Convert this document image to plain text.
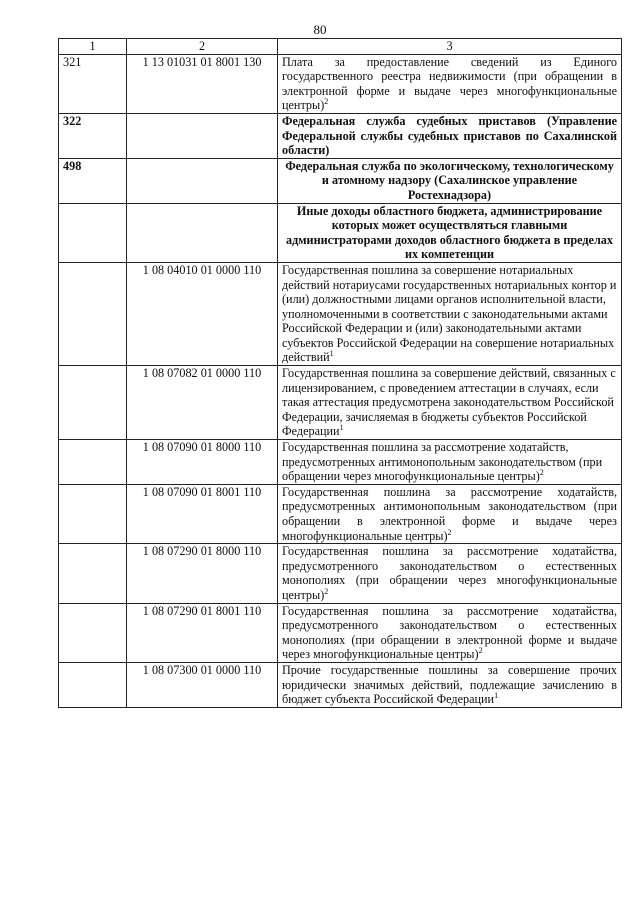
80
1	2	3
321	1 13 01031 01 8001 130	Плата за предоставление сведений из Единого государственного реестра недвижимости (при обращении в электронной форме и выдаче через многофункциональные центры)$^2$
322		Федеральная служба судебных приставов (Управление Федеральной службы судебных приставов по Сахалинской области)
498		Федеральная служба по экологическому, технологическому и атомному надзору (Сахалинское управление Ростехнадзора)
		Иные доходы областного бюджета, администрирование которых может осуществляться главными администраторами доходов областного бюджета в пределах их компетенции
	1 08 04010 01 0000 110	Государственная пошлина за совершение нотариальных действий нотариусами государственных нотариальных контор и (или) должностными лицами органов исполнительной власти, уполномоченными в соответствии с законодательными актами Российской Федерации и (или) законодательными актами субъектов Российской Федерации на совершение нотариальных действий$^1$
	1 08 07082 01 0000 110	Государственная пошлина за совершение действий, связанных с лицензированием, с проведением аттестации в случаях, если такая аттестация предусмотрена законодательством Российской Федерации, зачисляемая в бюджеты субъектов Российской Федерации$^1$
	1 08 07090 01 8000 110	Государственная пошлина за рассмотрение ходатайств, предусмотренных антимонопольным законодательством (при обращении через многофункциональные центры)$^2$
	1 08 07090 01 8001 110	Государственная пошлина за рассмотрение ходатайств, предусмотренных антимонопольным законодательством (при обращении в электронной форме и выдаче через многофункциональные центры)$^2$
	1 08 07290 01 8000 110	Государственная пошлина за рассмотрение ходатайства, предусмотренного законодательством о естественных монополиях (при обращении через многофункциональные центры)$^2$
	1 08 07290 01 8001 110	Государственная пошлина за рассмотрение ходатайства, предусмотренного законодательством о естественных монополиях (при обращении в электронной форме и выдаче через многофункциональные центры)$^2$
	1 08 07300 01 0000 110	Прочие государственные пошлины за совершение прочих юридически значимых действий, подлежащие зачислению в бюджет субъекта Российской Федерации$^1$
